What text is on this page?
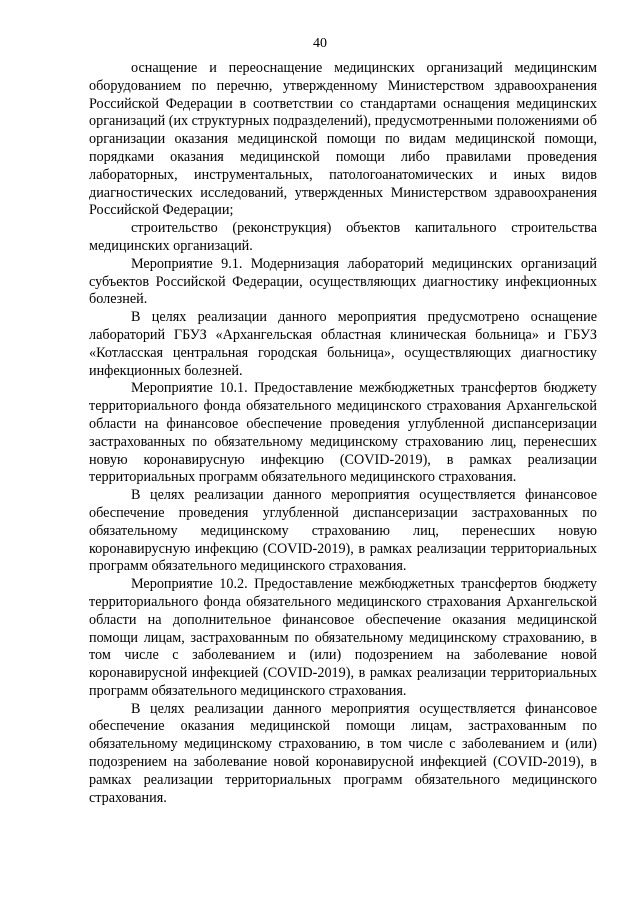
40

оснащение и переоснащение медицинских организаций медицинским оборудованием по перечню, утвержденному Министерством здравоохранения Российской Федерации в соответствии со стандартами оснащения медицинских организаций (их структурных подразделений), предусмотренными положениями об организации оказания медицинской помощи по видам медицинской помощи, порядками оказания медицинской помощи либо правилами проведения лабораторных, инструментальных, патологоанатомических и иных видов диагностических исследований, утвержденных Министерством здравоохранения Российской Федерации;

строительство (реконструкция) объектов капитального строительства медицинских организаций.

Мероприятие 9.1. Модернизация лабораторий медицинских организаций субъектов Российской Федерации, осуществляющих диагностику инфекционных болезней.

В целях реализации данного мероприятия предусмотрено оснащение лабораторий ГБУЗ «Архангельская областная клиническая больница» и ГБУЗ «Котласская центральная городская больница», осуществляющих диагностику инфекционных болезней.

Мероприятие 10.1. Предоставление межбюджетных трансфертов бюджету территориального фонда обязательного медицинского страхования Архангельской области на финансовое обеспечение проведения углубленной диспансеризации застрахованных по обязательному медицинскому страхованию лиц, перенесших новую коронавирусную инфекцию (COVID-2019), в рамках реализации территориальных программ обязательного медицинского страхования.

В целях реализации данного мероприятия осуществляется финансовое обеспечение проведения углубленной диспансеризации застрахованных по обязательному медицинскому страхованию лиц, перенесших новую коронавирусную инфекцию (COVID-2019), в рамках реализации территориальных программ обязательного медицинского страхования.

Мероприятие 10.2. Предоставление межбюджетных трансфертов бюджету территориального фонда обязательного медицинского страхования Архангельской области на дополнительное финансовое обеспечение оказания медицинской помощи лицам, застрахованным по обязательному медицинскому страхованию, в том числе с заболеванием и (или) подозрением на заболевание новой коронавирусной инфекцией (COVID-2019), в рамках реализации территориальных программ обязательного медицинского страхования.

В целях реализации данного мероприятия осуществляется финансовое обеспечение оказания медицинской помощи лицам, застрахованным по обязательному медицинскому страхованию, в том числе с заболеванием и (или) подозрением на заболевание новой коронавирусной инфекцией (COVID-2019), в рамках реализации территориальных программ обязательного медицинского страхования.
